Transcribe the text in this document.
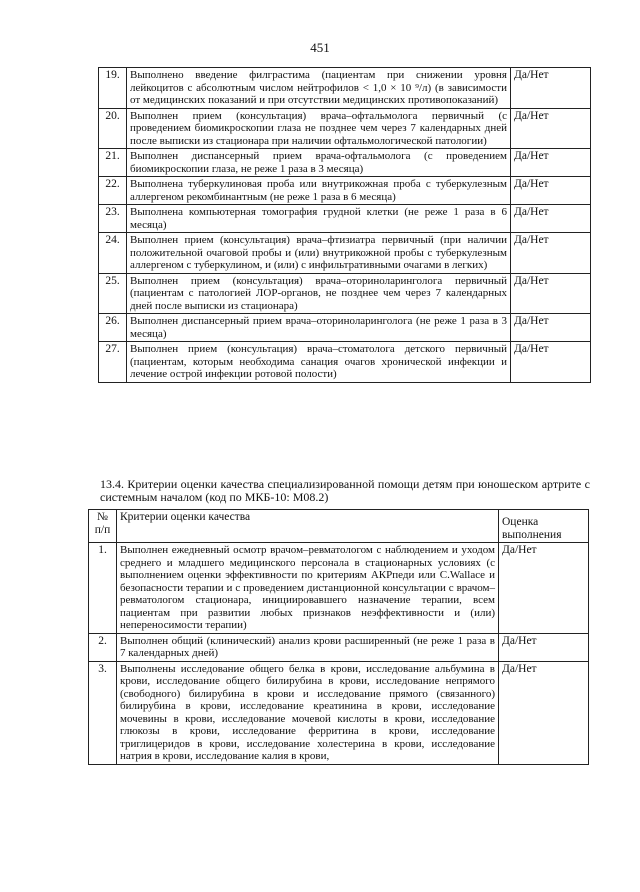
451
19.	Выполнено введение филграстима (пациентам при снижении уровня лейкоцитов с абсолютным числом нейтрофилов < 1,0 × 10 ⁹/л) (в зависимости от медицинских показаний и при отсутствии медицинских противопоказаний)	Да/Нет
20.	Выполнен прием (консультация) врача–офтальмолога первичный (с проведением биомикроскопии глаза не позднее чем через 7 календарных дней после выписки из стационара при наличии офтальмологической патологии)	Да/Нет
21.	Выполнен диспансерный прием врача-офтальмолога (с проведением биомикроскопии глаза, не реже 1 раза в 3 месяца)	Да/Нет
22.	Выполнена туберкулиновая проба или внутрикожная проба с туберкулезным аллергеном рекомбинантным (не реже 1 раза в 6 месяца)	Да/Нет
23.	Выполнена компьютерная томография грудной клетки (не реже 1 раза в 6 месяца)	Да/Нет
24.	Выполнен прием (консультация) врача–фтизиатра первичный (при наличии положительной очаговой пробы и (или) внутрикожной пробы с туберкулезным аллергеном с туберкулином, и (или) с инфильтративными очагами в легких)	Да/Нет
25.	Выполнен прием (консультация) врача–оториноларинголога первичный (пациентам с патологией ЛОР-органов, не позднее чем через 7 календарных дней после выписки из стационара)	Да/Нет
26.	Выполнен диспансерный прием врача–оториноларинголога (не реже 1 раза в 3 месяца)	Да/Нет
27.	Выполнен прием (консультация) врача–стоматолога детского первичный (пациентам, которым необходима санация очагов хронической инфекции и лечение острой инфекции ротовой полости)	Да/Нет
13.4. Критерии оценки качества специализированной помощи детям при юношеском артрите с системным началом (код по МКБ-10: М08.2)
№ п/п	Критерии оценки качества	Оценка выполнения
1.	Выполнен ежедневный осмотр врачом–ревматологом с наблюдением и уходом среднего и младшего медицинского персонала в стационарных условиях (с выполнением оценки эффективности по критериям АКРпеди или C.Wallace и безопасности терапии и с проведением дистанционной консультации с врачом–ревматологом стационара, инициировавшего назначение терапии, всем пациентам при развитии любых признаков неэффективности и (или) непереносимости терапии)	Да/Нет
2.	Выполнен общий (клинический) анализ крови расширенный (не реже 1 раза в 7 календарных дней)	Да/Нет
3.	Выполнены исследование общего белка в крови, исследование альбумина в крови, исследование общего билирубина в крови, исследование непрямого (свободного) билирубина в крови и исследование прямого (связанного) билирубина в крови, исследование креатинина в крови, исследование мочевины в крови, исследование мочевой кислоты в крови, исследование глюкозы в крови, исследование ферритина в крови, исследование триглицеридов в крови, исследование холестерина в крови, исследование натрия в крови, исследование калия в крови,	Да/Нет
